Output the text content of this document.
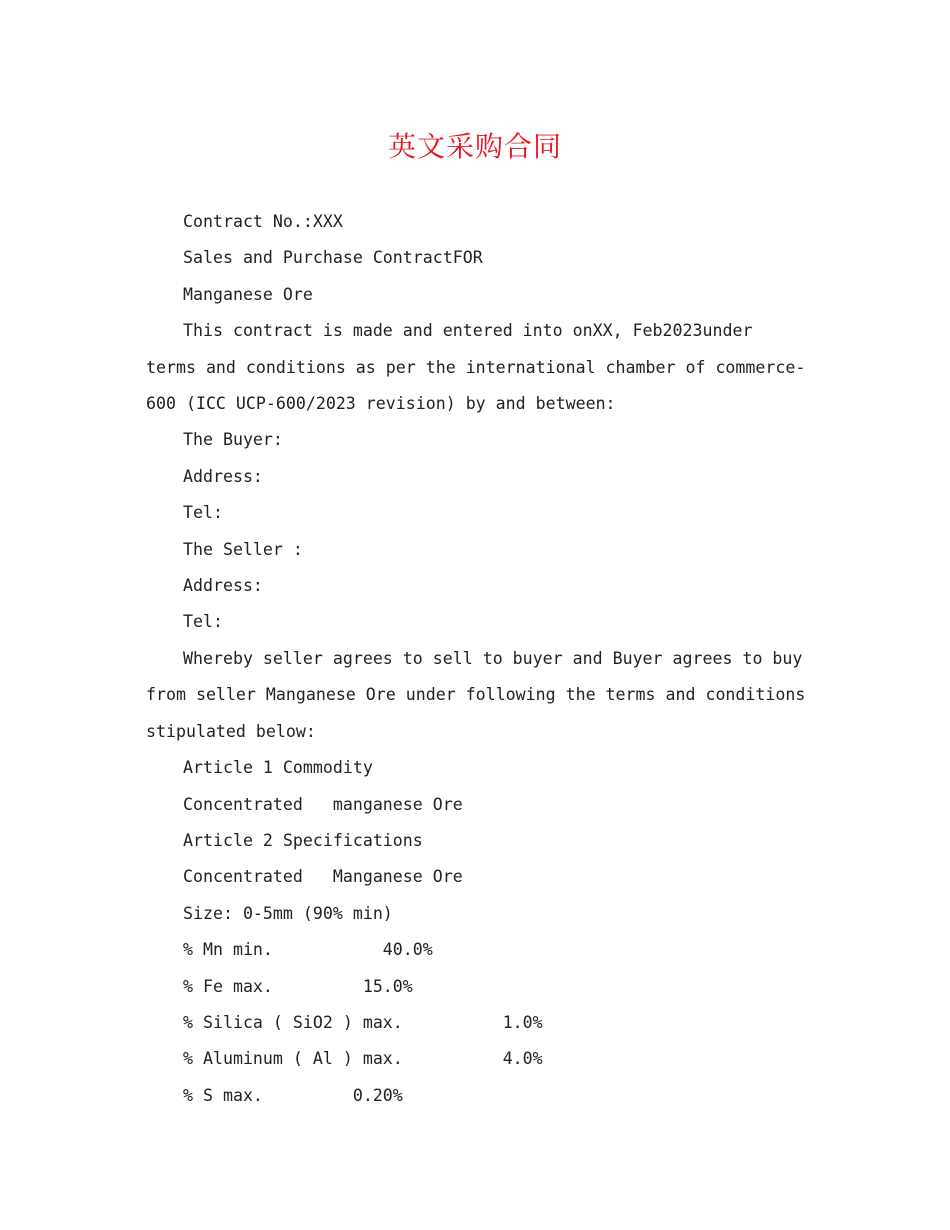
英文采购合同

Contract No.:XXX

Sales and Purchase ContractFOR

Manganese Ore

This contract is made and entered into onXX, Feb2023under terms and conditions as per the international chamber of commerce-600 (ICC UCP-600/2023 revision) by and between:

The Buyer:

Address:

Tel:

The Seller :

Address:

Tel:

Whereby seller agrees to sell to buyer and Buyer agrees to buy from seller Manganese Ore under following the terms and conditions stipulated below:

Article 1 Commodity

Concentrated   manganese Ore

Article 2 Specifications

Concentrated   Manganese Ore

Size: 0-5mm (90% min)

% Mn min.           40.0%

% Fe max.         15.0%

% Silica ( SiO2 ) max.          1.0%

% Aluminum ( Al ) max.          4.0%

% S max.         0.20%
